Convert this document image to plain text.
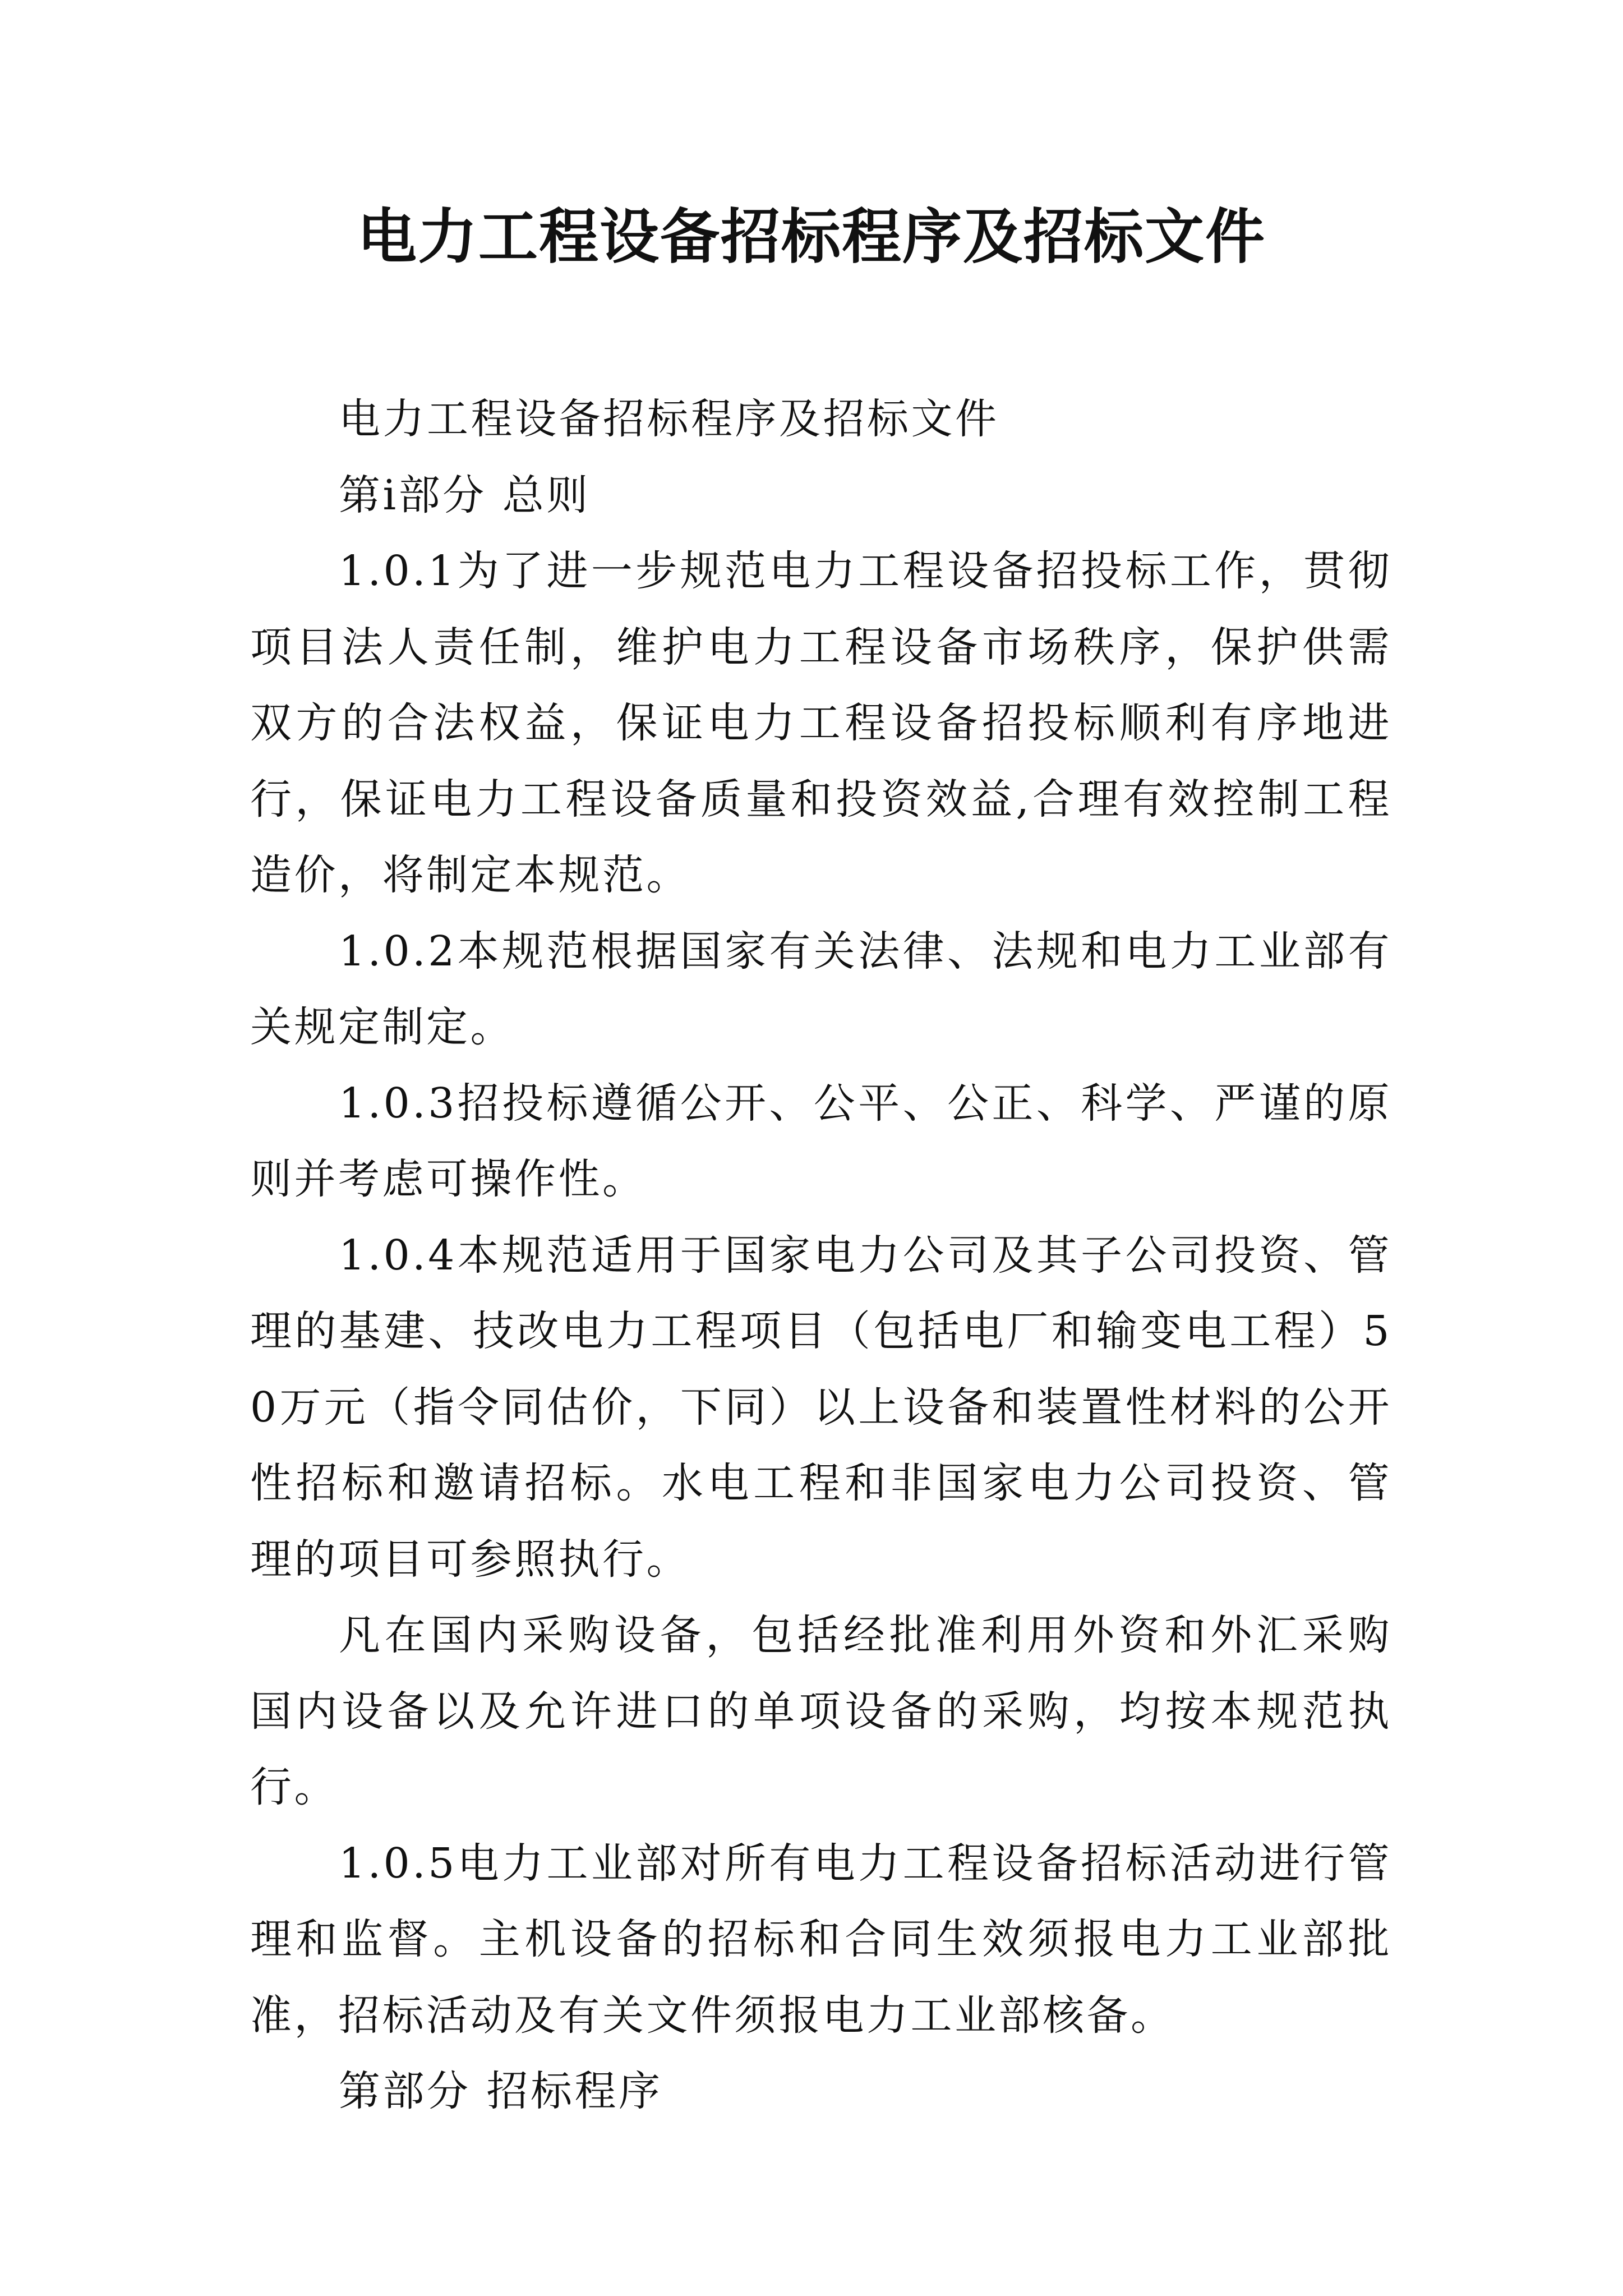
电力工程设备招标程序及招标文件

电力工程设备招标程序及招标文件

第ⅰ部分 总则

1.0.1为了进一步规范电力工程设备招投标工作，贯彻项目法人责任制，维护电力工程设备市场秩序，保护供需双方的合法权益，保证电力工程设备招投标顺利有序地进行，保证电力工程设备质量和投资效益,合理有效控制工程造价，将制定本规范。

1.0.2本规范根据国家有关法律、法规和电力工业部有关规定制定。

1.0.3招投标遵循公开、公平、公正、科学、严谨的原则并考虑可操作性。

1.0.4本规范适用于国家电力公司及其子公司投资、管理的基建、技改电力工程项目（包括电厂和输变电工程）50万元（指令同估价，下同）以上设备和装置性材料的公开性招标和邀请招标。水电工程和非国家电力公司投资、管理的项目可参照执行。

凡在国内采购设备，包括经批准利用外资和外汇采购国内设备以及允许进口的单项设备的采购，均按本规范执行。

1.0.5电力工业部对所有电力工程设备招标活动进行管理和监督。主机设备的招标和合同生效须报电力工业部批准，招标活动及有关文件须报电力工业部核备。

第部分 招标程序
